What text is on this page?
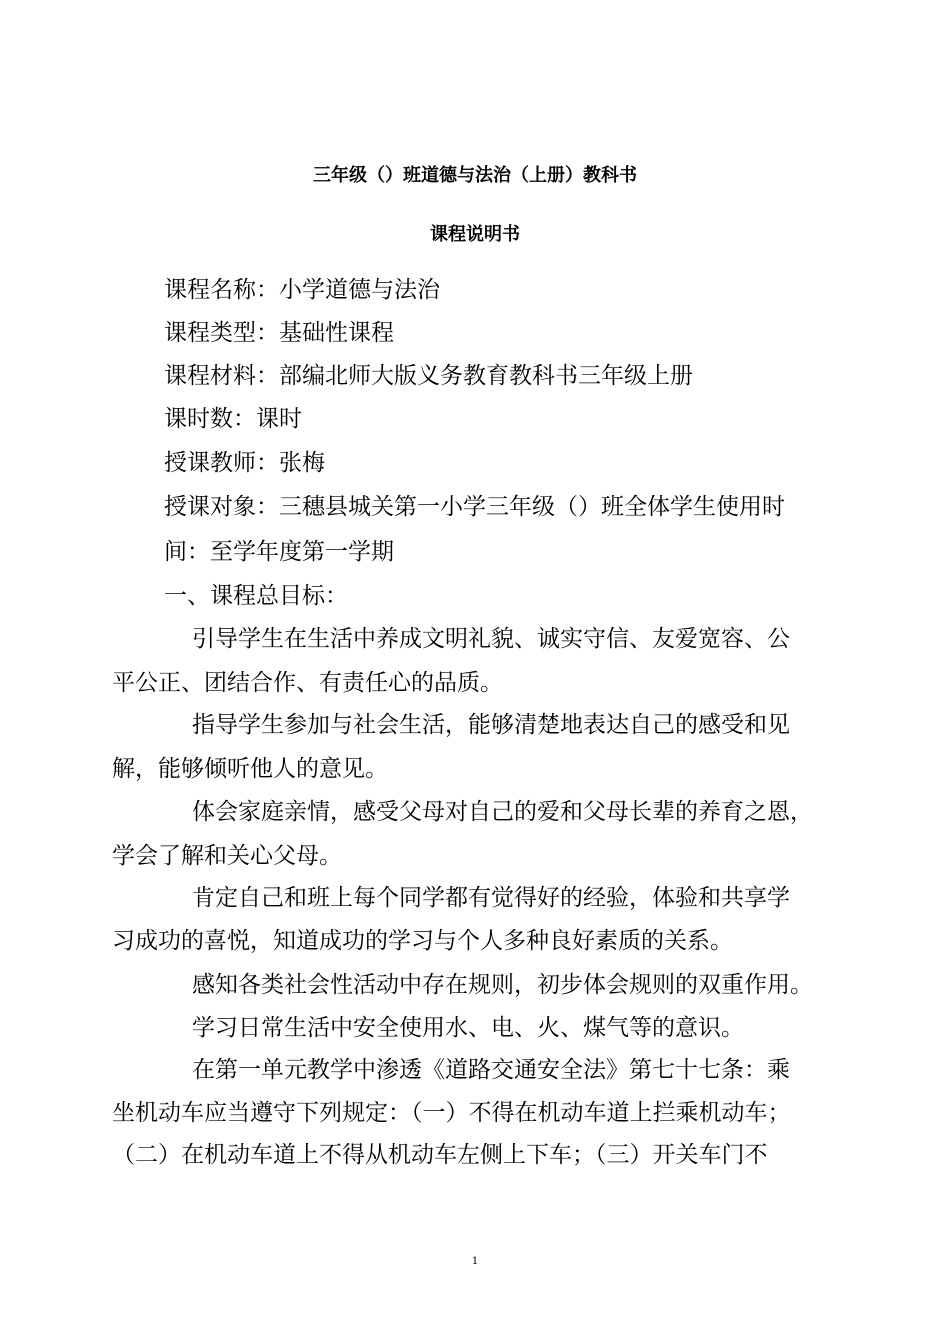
三年级（）班道德与法治（上册）教科书
课程说明书
课程名称：小学道德与法治
课程类型：基础性课程
课程材料：部编北师大版义务教育教科书三年级上册
课时数：课时
授课教师：张梅
授课对象：三穗县城关第一小学三年级（）班全体学生使用时
间：至学年度第一学期
一、课程总目标：
引导学生在生活中养成文明礼貌、诚实守信、友爱宽容、公
平公正、团结合作、有责任心的品质。
指导学生参加与社会生活，能够清楚地表达自己的感受和见
解，能够倾听他人的意见。
体会家庭亲情，感受父母对自己的爱和父母长辈的养育之恩，
学会了解和关心父母。
肯定自己和班上每个同学都有觉得好的经验，体验和共享学
习成功的喜悦，知道成功的学习与个人多种良好素质的关系。
感知各类社会性活动中存在规则，初步体会规则的双重作用。
学习日常生活中安全使用水、电、火、煤气等的意识。
在第一单元教学中渗透《道路交通安全法》第七十七条：乘
坐机动车应当遵守下列规定：（一）不得在机动车道上拦乘机动车；
（二）在机动车道上不得从机动车左侧上下车；（三）开关车门不
1
